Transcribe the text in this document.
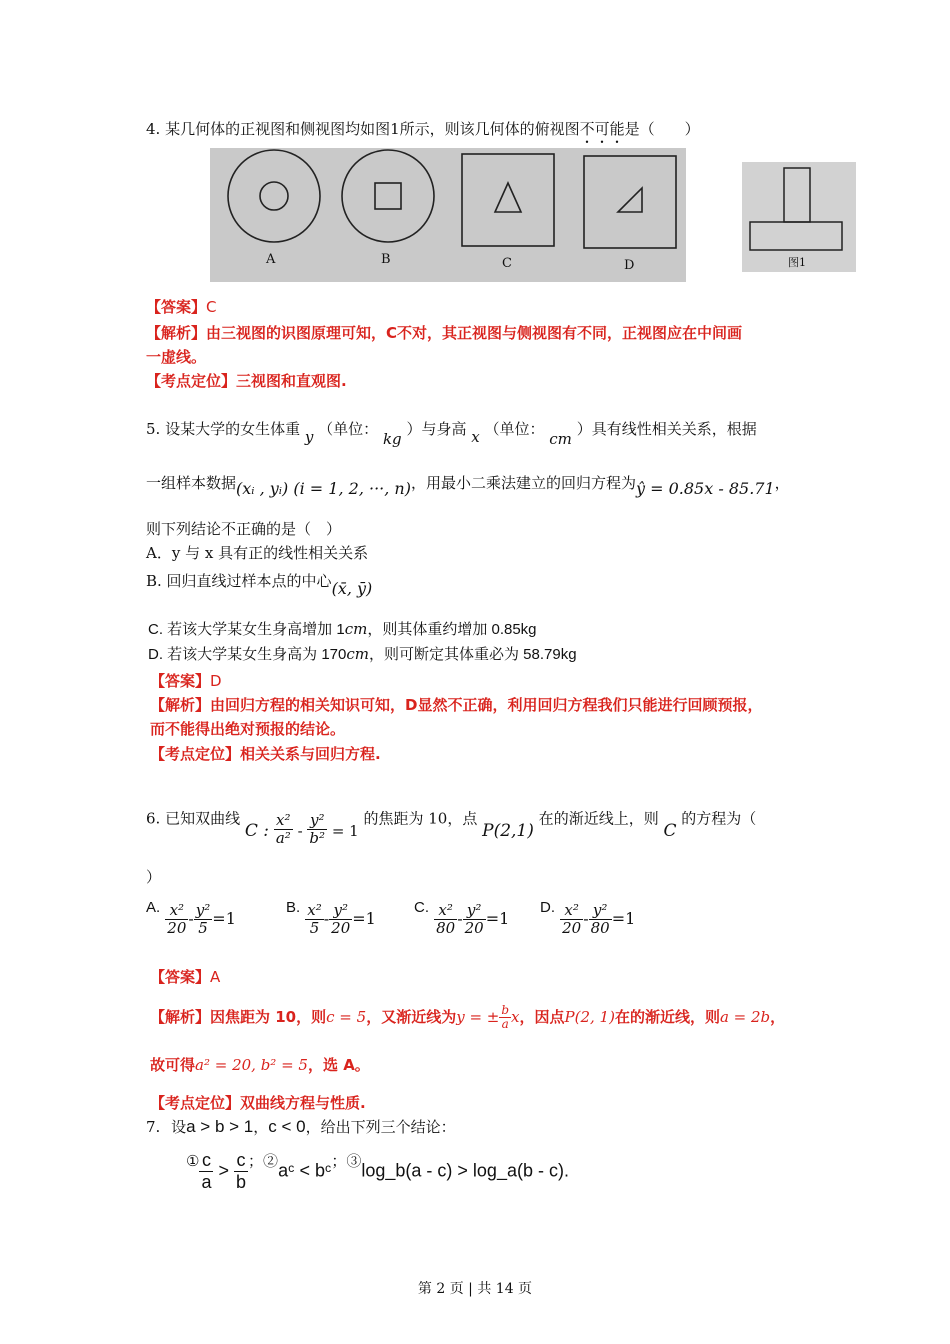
4. 某几何体的正视图和侧视图均如图1所示，则该几何体的俯视图不可能是（　　）
A	B	C	D	图1
【答案】C
【解析】由三视图的识图原理可知，C不对，其正视图与侧视图有不同，正视图应在中间画
一虚线。
【考点定位】三视图和直观图.
5. 设某大学的女生体重 y （单位： kg ）与身高 x （单位： cm ）具有线性相关关系，根据
一组样本数据(xᵢ , yᵢ) (i = 1, 2, ···, n)，用最小二乘法建立的回归方程为ŷ = 0.85x - 85.71，
则下列结论不正确的是（　）
A．y 与 x 具有正的线性相关关系
B. 回归直线过样本点的中心(x̄, ȳ)
C. 若该大学某女生身高增加 1cm，则其体重约增加 0.85kg
D. 若该大学某女生身高为 170cm，则可断定其体重必为 58.79kg
【答案】D
【解析】由回归方程的相关知识可知，D显然不正确，利用回归方程我们只能进行回顾预报，
而不能得出绝对预报的结论。
【考点定位】相关关系与回归方程.
6. 已知双曲线 C : $\frac{\text{x²}}{\text{a²}} - \frac{\text{y²}}{\text{b²}} = 1$ 的焦距为 10，点 P(2,1) 在的渐近线上，则 C 的方程为（
）
A. $\frac{\text{x²}}{20} - \frac{\text{y²}}{5} =1$
B. $\frac{\text{x²}}{5} - \frac{\text{y²}}{20} =1$
C. $\frac{\text{x²}}{80} - \frac{\text{y²}}{20} =1$
D. $\frac{\text{x²}}{20} - \frac{\text{y²}}{80} =1$
【答案】A
【解析】因焦距为 10，则c = 5，又渐近线为y = ± $\frac{b}{a}$ x，因点P(2, 1)在的渐近线，则a = 2b，
故可得a² = 20, b² = 5，选 A。
【考点定位】双曲线方程与性质.
7. 设a > b > 1，c < 0，给出下列三个结论：
$^① \frac{c}{a} > \frac{c}{b}$ ；②aᶜ < bᶜ；③log_b(a - c) > log_a(b - c).
第 2 页 | 共 14 页
